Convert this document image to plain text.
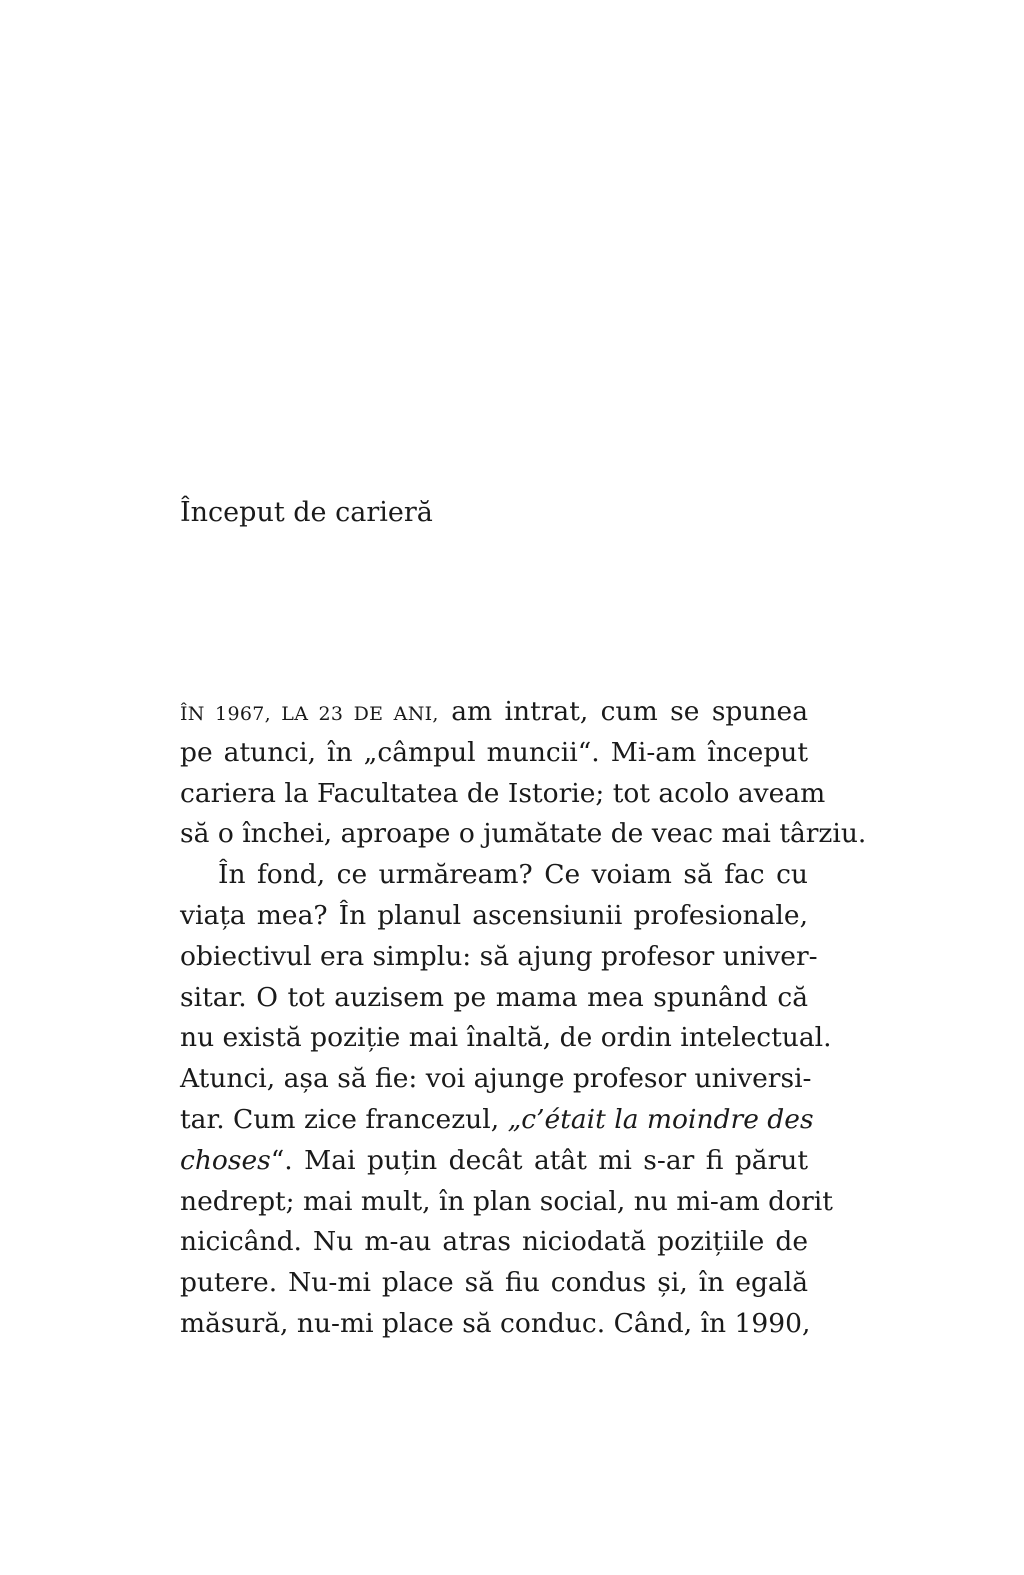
Început de carieră
ÎN 1967, LA 23 DE ANI, am intrat, cum se spunea
pe atunci, în „câmpul muncii“. Mi-am început
cariera la Facultatea de Istorie; tot acolo aveam
să o închei, aproape o jumătate de veac mai târziu.
În fond, ce urmăream? Ce voiam să fac cu
viața mea? În planul ascensiunii profesionale,
obiectivul era simplu: să ajung profesor univer-
sitar. O tot auzisem pe mama mea spunând că
nu există poziție mai înaltă, de ordin intelectual.
Atunci, așa să fie: voi ajunge profesor universi-
tar. Cum zice francezul, „c’était la moindre des
choses“. Mai puțin decât atât mi s-ar fi părut
nedrept; mai mult, în plan social, nu mi-am dorit
nicicând. Nu m-au atras niciodată pozițiile de
putere. Nu-mi place să fiu condus și, în egală
măsură, nu-mi place să conduc. Când, în 1990,
